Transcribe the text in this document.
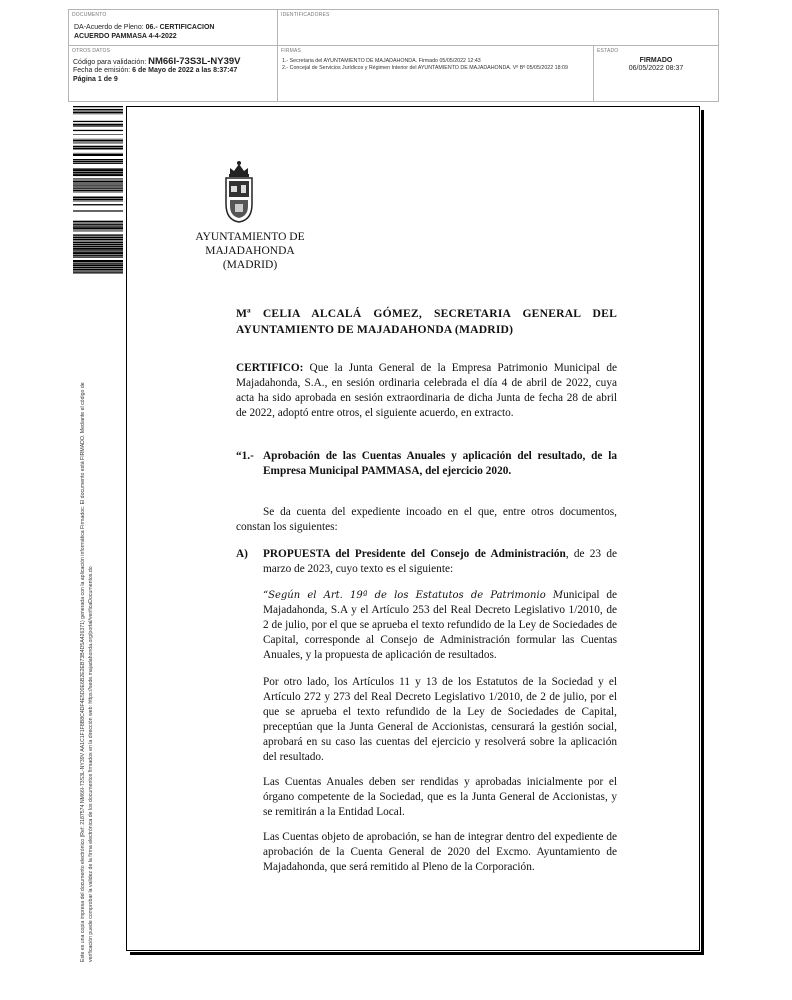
DOCUMENTO
DA-Acuerdo de Pleno: 06.- CERTIFICACION
ACUERDO PAMMASA 4-4-2022
IDENTIFICADORES
OTROS DATOS
Código para validación: NM66I-73S3L-NY39V
Fecha de emisión: 6 de Mayo de 2022 a las 8:37:47
Página 1 de 9
FIRMAS
1.- Secretaria del AYUNTAMIENTO DE MAJADAHONDA. Firmado 05/05/2022 12:43
2.- Concejal de Servicios Jurídicos y Régimen Interior del AYUNTAMIENTO DE MAJADAHONDA. Vº Bº 05/05/2022 18:09
ESTADO
FIRMADO
06/05/2022 08:37
Este es una copia impresa del documento electrónico (Ref: 2187574 NM66I-73S3L-NY39V AA1C1F1F8B8C4DF4E5D0E6B2E2EB73B4D5A426371) generada con la aplicación informática Firmadoc. El documento está FIRMADO. Mediante el código de verificación puede comprobar la validez de la firma electrónica de los documentos firmados en la dirección web: https://sede.majadahonda.org/portal/verificaDocumentos.do
AYUNTAMIENTO DE
MAJADAHONDA
(MADRID)
Mª CELIA ALCALÁ GÓMEZ, SECRETARIA GENERAL DEL AYUNTAMIENTO DE MAJADAHONDA (MADRID)

CERTIFICO: Que la Junta General de la Empresa Patrimonio Municipal de Majadahonda, S.A., en sesión ordinaria celebrada el día 4 de abril de 2022, cuya acta ha sido aprobada en sesión extraordinaria de dicha Junta de fecha 28 de abril de 2022, adoptó entre otros, el siguiente acuerdo, en extracto.

“1.- Aprobación de las Cuentas Anuales y aplicación del resultado, de la Empresa Municipal PAMMASA, del ejercicio 2020.

Se da cuenta del expediente incoado en el que, entre otros documentos, constan los siguientes:

A) PROPUESTA del Presidente del Consejo de Administración, de 23 de marzo de 2023, cuyo texto es el siguiente:

“Según el Art. 19ª de los Estatutos de Patrimonio Municipal de Majadahonda, S.A y el Artículo 253 del Real Decreto Legislativo 1/2010, de 2 de julio, por el que se aprueba el texto refundido de la Ley de Sociedades de Capital, corresponde al Consejo de Administración formular las Cuentas Anuales, y la propuesta de aplicación de resultados.

Por otro lado, los Artículos 11 y 13 de los Estatutos de la Sociedad y el Artículo 272 y 273 del Real Decreto Legislativo 1/2010, de 2 de julio, por el que se aprueba el texto refundido de la Ley de Sociedades de Capital, preceptúan que la Junta General de Accionistas, censurará la gestión social, aprobará en su caso las cuentas del ejercicio y resolverá sobre la aplicación del resultado.

Las Cuentas Anuales deben ser rendidas y aprobadas inicialmente por el órgano competente de la Sociedad, que es la Junta General de Accionistas, y se remitirán a la Entidad Local.

Las Cuentas objeto de aprobación, se han de integrar dentro del expediente de aprobación de la Cuenta General de 2020 del Excmo. Ayuntamiento de Majadahonda, que será remitido al Pleno de la Corporación.
